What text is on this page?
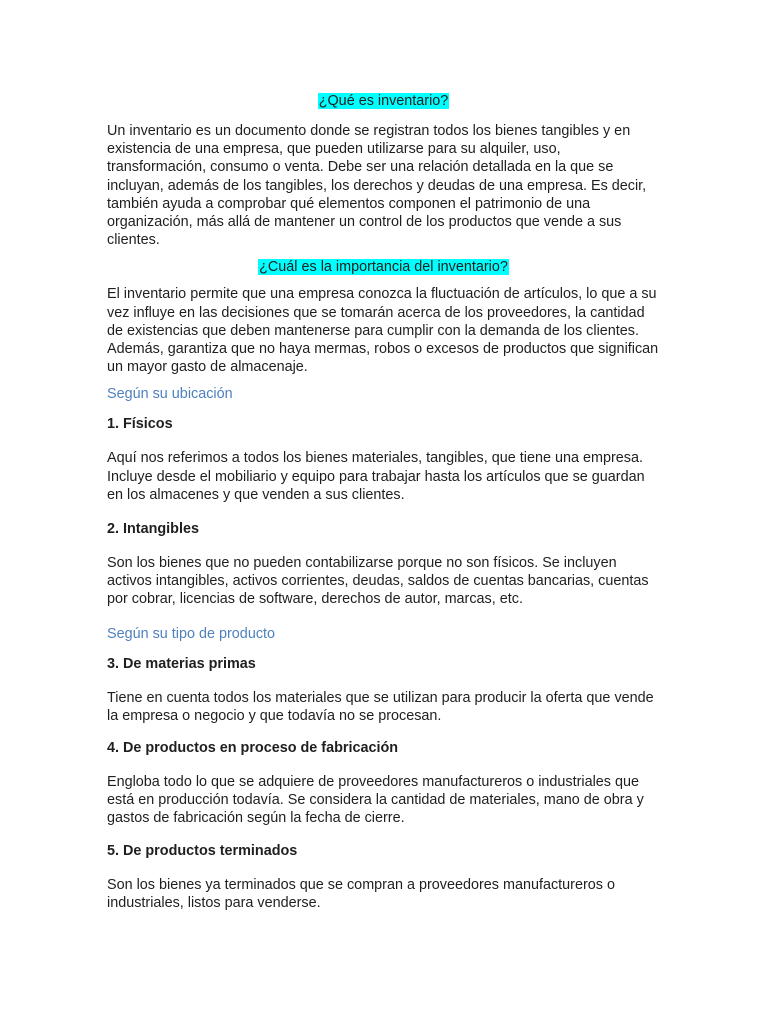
¿Qué es inventario?

Un inventario es un documento donde se registran todos los bienes tangibles y en existencia de una empresa, que pueden utilizarse para su alquiler, uso, transformación, consumo o venta. Debe ser una relación detallada en la que se incluyan, además de los tangibles, los derechos y deudas de una empresa. Es decir, también ayuda a comprobar qué elementos componen el patrimonio de una organización, más allá de mantener un control de los productos que vende a sus clientes.

¿Cuál es la importancia del inventario?

El inventario permite que una empresa conozca la fluctuación de artículos, lo que a su vez influye en las decisiones que se tomarán acerca de los proveedores, la cantidad de existencias que deben mantenerse para cumplir con la demanda de los clientes. Además, garantiza que no haya mermas, robos o excesos de productos que significan un mayor gasto de almacenaje.

Según su ubicación

1. Físicos

Aquí nos referimos a todos los bienes materiales, tangibles, que tiene una empresa. Incluye desde el mobiliario y equipo para trabajar hasta los artículos que se guardan en los almacenes y que venden a sus clientes.

2. Intangibles

Son los bienes que no pueden contabilizarse porque no son físicos. Se incluyen activos intangibles, activos corrientes, deudas, saldos de cuentas bancarias, cuentas por cobrar, licencias de software, derechos de autor, marcas, etc.

Según su tipo de producto

3. De materias primas

Tiene en cuenta todos los materiales que se utilizan para producir la oferta que vende la empresa o negocio y que todavía no se procesan.

4. De productos en proceso de fabricación

Engloba todo lo que se adquiere de proveedores manufactureros o industriales que está en producción todavía. Se considera la cantidad de materiales, mano de obra y gastos de fabricación según la fecha de cierre.

5. De productos terminados

Son los bienes ya terminados que se compran a proveedores manufactureros o industriales, listos para venderse.
